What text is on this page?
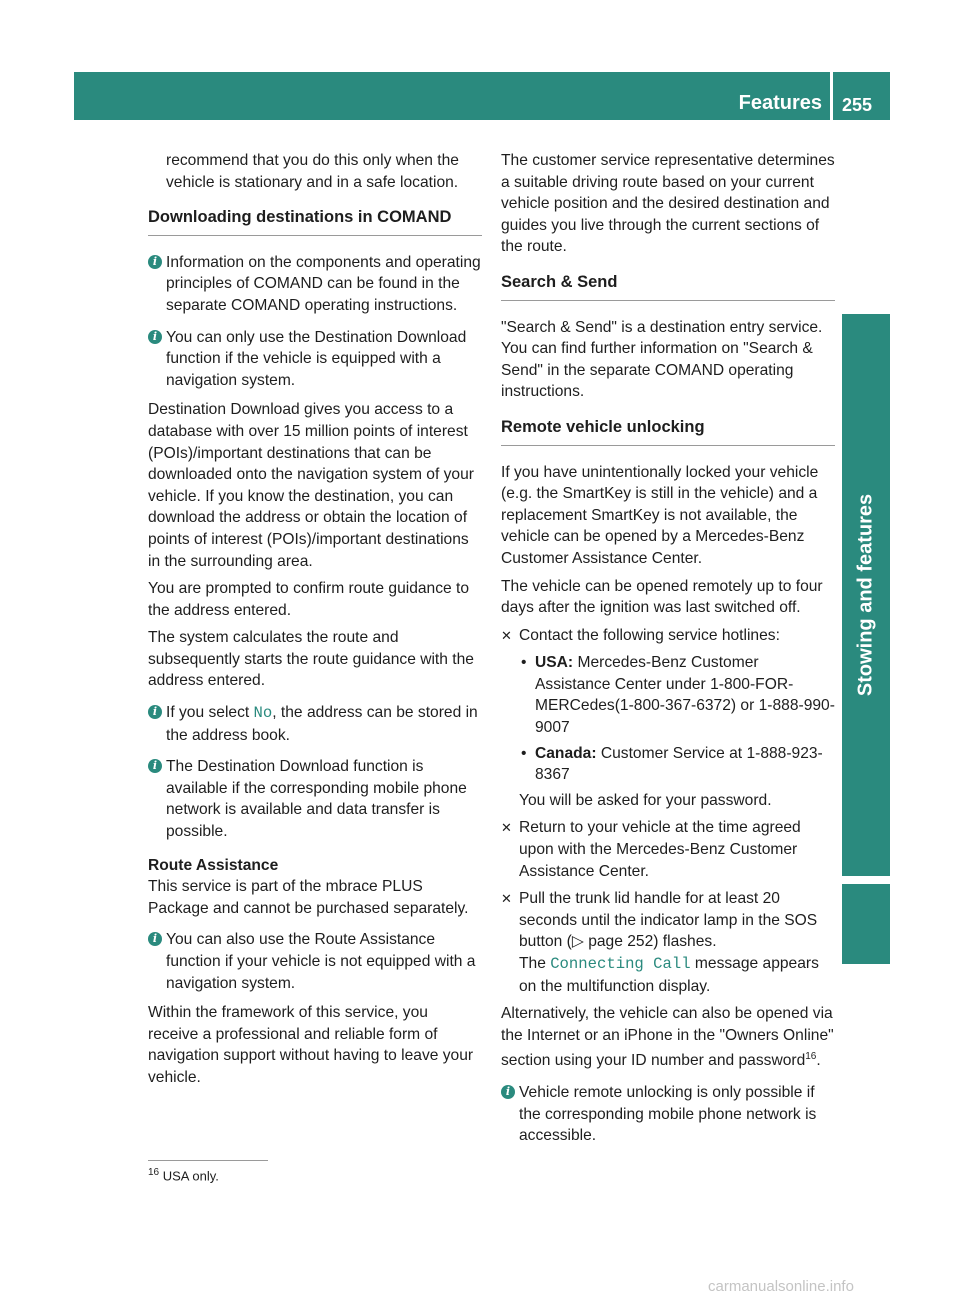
Features 255
Stowing and features

recommend that you do this only when the vehicle is stationary and in a safe location.

Downloading destinations in COMAND
i Information on the components and operating principles of COMAND can be found in the separate COMAND operating instructions.
i You can only use the Destination Download function if the vehicle is equipped with a navigation system.

Destination Download gives you access to a database with over 15 million points of interest (POIs)/important destinations that can be downloaded onto the navigation system of your vehicle. If you know the destination, you can download the address or obtain the location of points of interest (POIs)/important destinations in the surrounding area.

You are prompted to confirm route guidance to the address entered.

The system calculates the route and subsequently starts the route guidance with the address entered.

i If you select No, the address can be stored in the address book.
i The Destination Download function is available if the corresponding mobile phone network is available and data transfer is possible.

Route Assistance

This service is part of the mbrace PLUS Package and cannot be purchased separately.

i You can also use the Route Assistance function if your vehicle is not equipped with a navigation system.

Within the framework of this service, you receive a professional and reliable form of navigation support without having to leave your vehicle.

The customer service representative determines a suitable driving route based on your current vehicle position and the desired destination and guides you live through the current sections of the route.

Search & Send

"Search & Send" is a destination entry service. You can find further information on "Search & Send" in the separate COMAND operating instructions.

Remote vehicle unlocking

If you have unintentionally locked your vehicle (e.g. the SmartKey is still in the vehicle) and a replacement SmartKey is not available, the vehicle can be opened by a Mercedes-Benz Customer Assistance Center.

The vehicle can be opened remotely up to four days after the ignition was last switched off.

✕ Contact the following service hotlines:
• USA: Mercedes-Benz Customer Assistance Center under 1-800-FOR-MERCedes(1-800-367-6372) or 1-888-990-9007
• Canada: Customer Service at 1-888-923-8367

You will be asked for your password.

✕ Return to your vehicle at the time agreed upon with the Mercedes-Benz Customer Assistance Center.
✕ Pull the trunk lid handle for at least 20 seconds until the indicator lamp in the SOS button (▷ page 252) flashes.
The Connecting Call message appears on the multifunction display.

Alternatively, the vehicle can also be opened via the Internet or an iPhone in the "Owners Online" section using your ID number and password$^{16}$.

i Vehicle remote unlocking is only possible if the corresponding mobile phone network is accessible.
$^{16}$ USA only.
carmanualsonline.info
